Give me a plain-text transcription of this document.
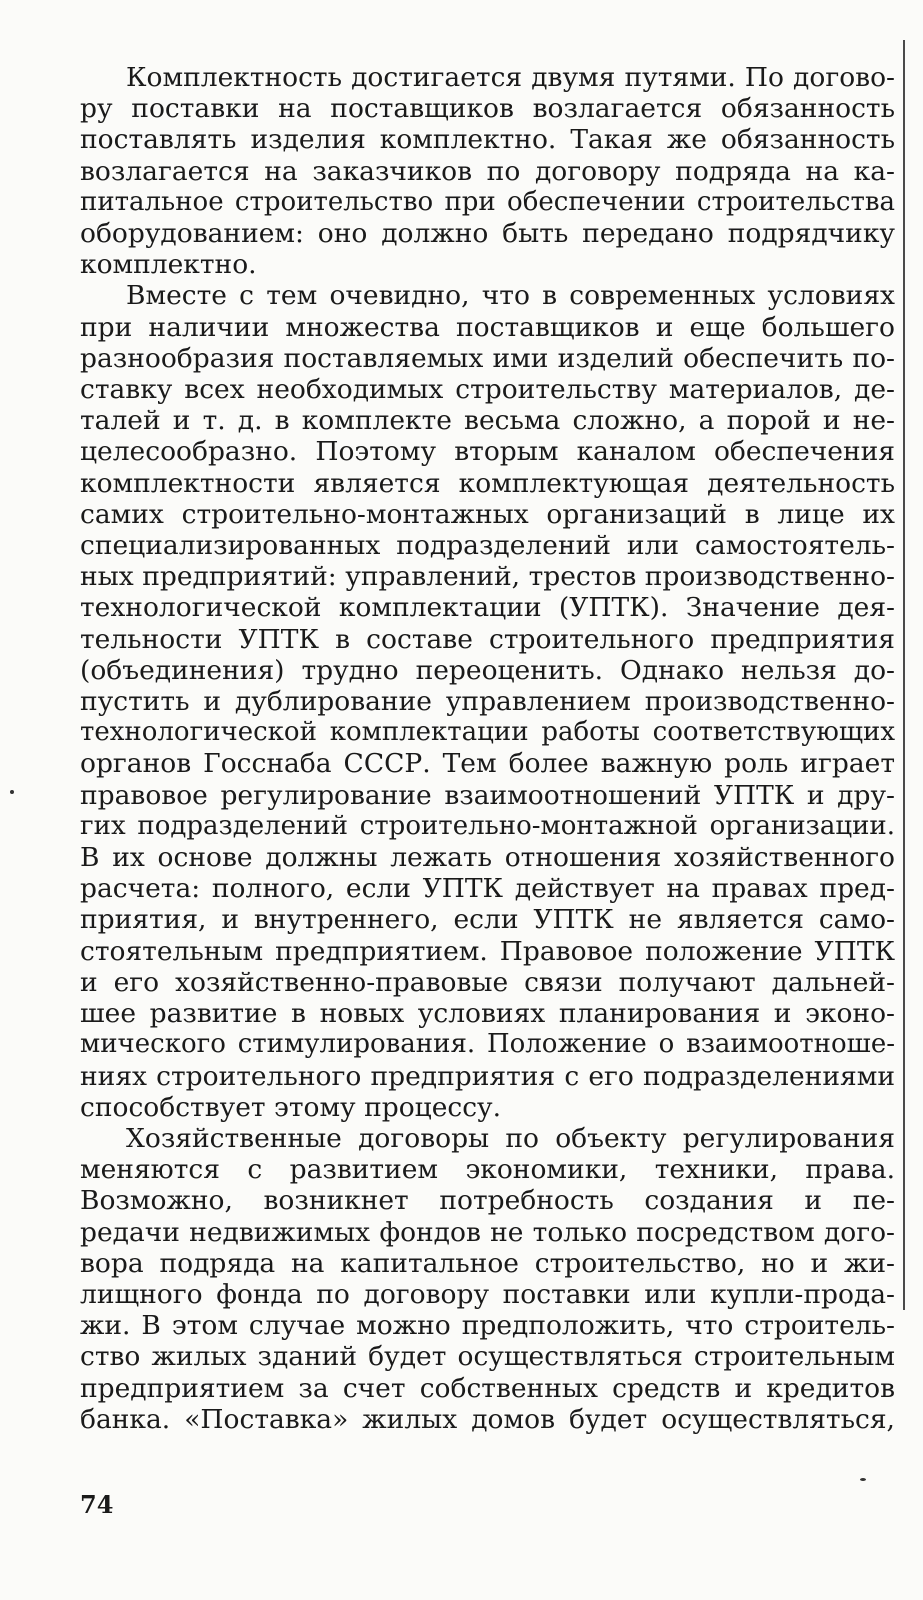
Комплектность достигается двумя путями. По догово-
ру поставки на поставщиков возлагается обязанность
поставлять изделия комплектно. Такая же обязанность
возлагается на заказчиков по договору подряда на ка-
питальное строительство при обеспечении строительства
оборудованием: оно должно быть передано подрядчику
комплектно.
Вместе с тем очевидно, что в современных условиях
при наличии множества поставщиков и еще большего
разнообразия поставляемых ими изделий обеспечить по-
ставку всех необходимых строительству материалов, де-
талей и т. д. в комплекте весьма сложно, а порой и не-
целесообразно. Поэтому вторым каналом обеспечения
комплектности является комплектующая деятельность
самих строительно-монтажных организаций в лице их
специализированных подразделений или самостоятель-
ных предприятий: управлений, трестов производственно-
технологической комплектации (УПТК). Значение дея-
тельности УПТК в составе строительного предприятия
(объединения) трудно переоценить. Однако нельзя до-
пустить и дублирование управлением производственно-
технологической комплектации работы соответствующих
органов Госснаба СССР. Тем более важную роль играет
правовое регулирование взаимоотношений УПТК и дру-
гих подразделений строительно-монтажной организации.
В их основе должны лежать отношения хозяйственного
расчета: полного, если УПТК действует на правах пред-
приятия, и внутреннего, если УПТК не является само-
стоятельным предприятием. Правовое положение УПТК
и его хозяйственно-правовые связи получают дальней-
шее развитие в новых условиях планирования и эконо-
мического стимулирования. Положение о взаимоотноше-
ниях строительного предприятия с его подразделениями
способствует этому процессу.
Хозяйственные договоры по объекту регулирования
меняются с развитием экономики, техники, права.
Возможно, возникнет потребность создания и пе-
редачи недвижимых фондов не только посредством дого-
вора подряда на капитальное строительство, но и жи-
лищного фонда по договору поставки или купли-прода-
жи. В этом случае можно предположить, что строитель-
ство жилых зданий будет осуществляться строительным
предприятием за счет собственных средств и кредитов
банка. «Поставка» жилых домов будет осуществляться,
74
